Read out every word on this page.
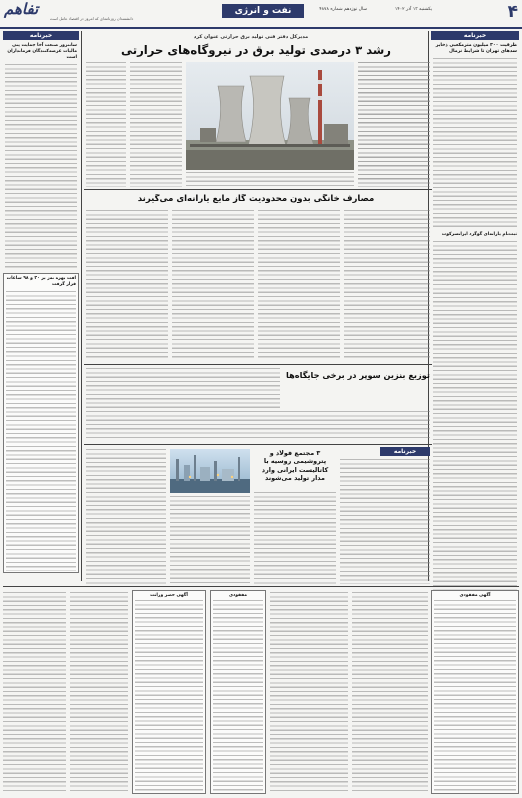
۴
نفت و انرژی	سال نوزدهم شماره ۴۸۷۸	یکشنبه ۱۳ آذر ۱۴۰۲
دانشمندان روزنامه‌ای که امروز در اقتصاد عامل است
تفاهم
خبرنامه
ظرفیت ۳۰۰ میلیون مترمکعبی ذخایر سدهای تهران تا شرایط نرمال
ثبت‌نام یارانه‌ای گوگرد ایرانسرکوت
خبرنامه
سانترور صنعت آخا جمایت پنی مالیات عرضه‌کنندگان فرمانداران است
افت بهره نه‌ز بر ۳۰ و ۹۸ ساعات قرار گرفت
مدیرکل دفتر فنی تولید برق حرارتی عنوان کرد
رشد ۳ درصدی تولید برق در نیروگاه‌های حرارتی
مصارف خانگی بدون محدودیت گاز مایع یارانه‌ای می‌گیرند
توزیع بنزین سوپر در برخی جایگاه‌ها
خبرنامه
۳ مجتمع فولاد و پتروشیمی روسیه با کاتالیست ایرانی وارد مدار تولید می‌شوند
آگهی مفقودی
مفقودی
آگهی حصر وراثت
